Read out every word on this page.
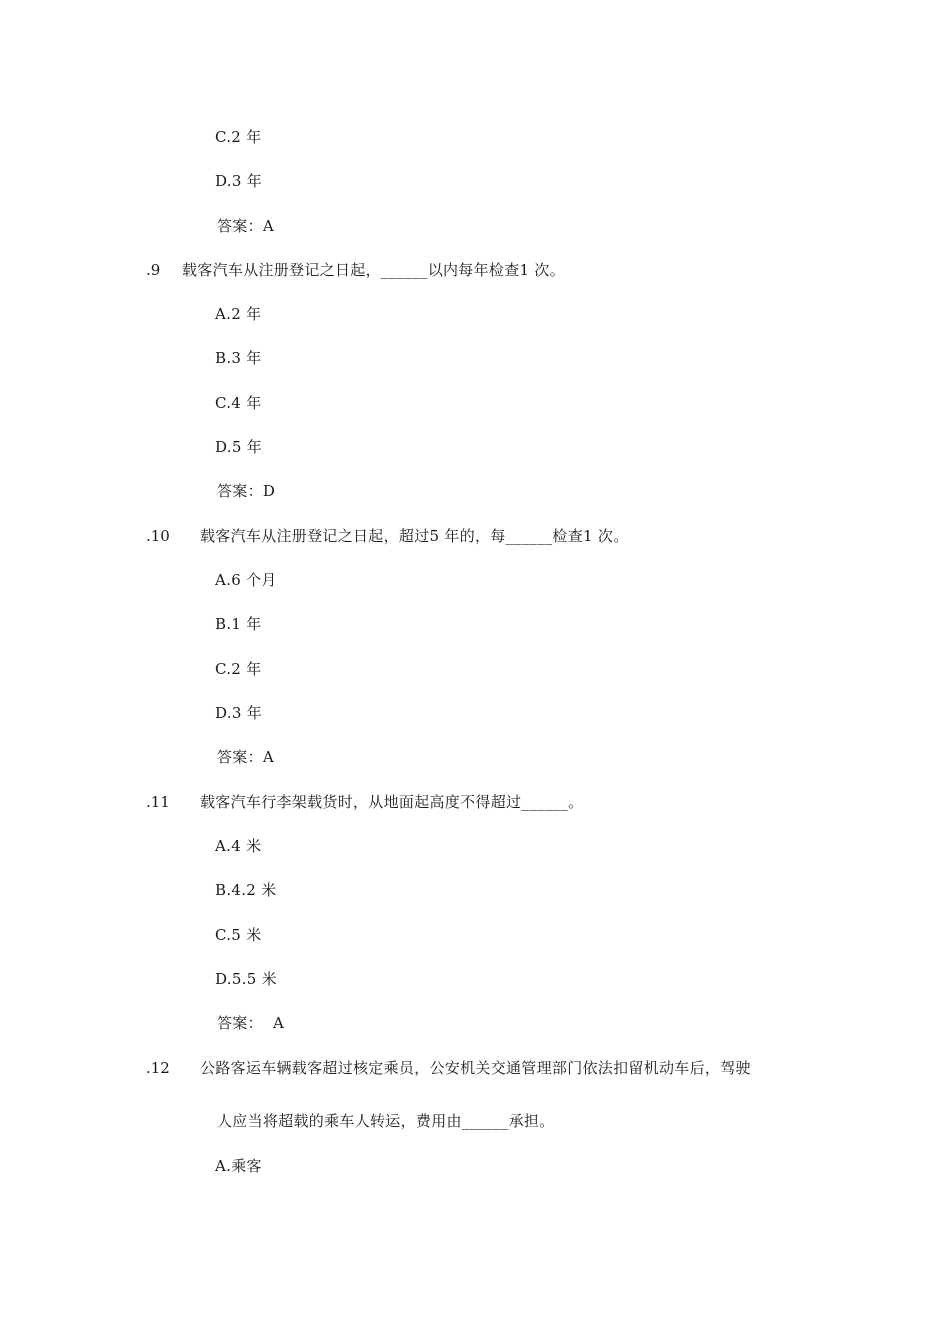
C.2 年
D.3 年
答案：A
.9 载客汽车从注册登记之日起，______以内每年检查1 次。
A.2 年
B.3 年
C.4 年
D.5 年
答案：D
.10 载客汽车从注册登记之日起，超过5 年的，每______检查1 次。
A.6 个月
B.1 年
C.2 年
D.3 年
答案：A
.11 载客汽车行李架载货时，从地面起高度不得超过______。
A.4 米
B.4.2 米
C.5 米
D.5.5 米
答案：  A
.12 公路客运车辆载客超过核定乘员，公安机关交通管理部门依法扣留机动车后，驾驶
人应当将超载的乘车人转运，费用由______承担。
A.乘客
